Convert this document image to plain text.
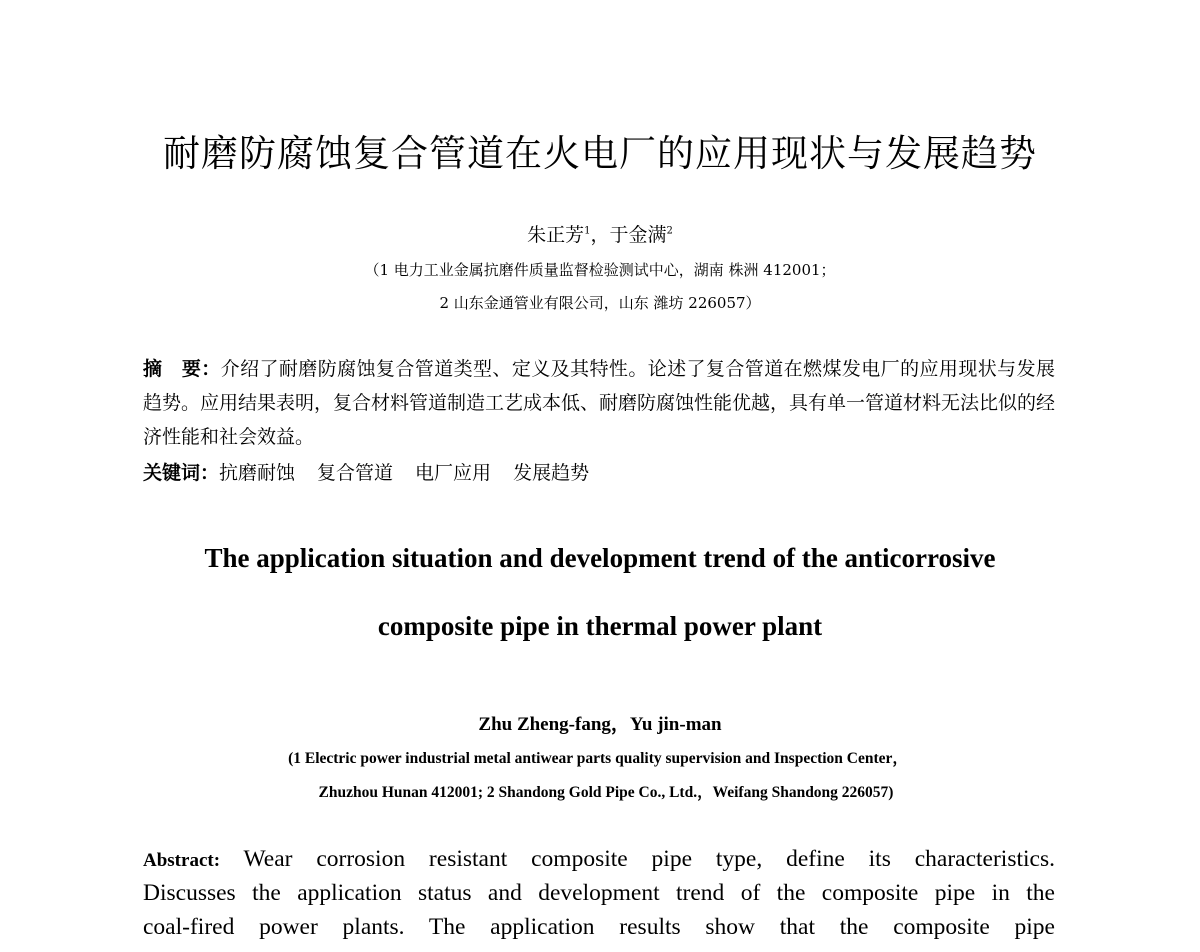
耐磨防腐蚀复合管道在火电厂的应用现状与发展趋势
朱正芳$^1$，于金满$^2$
（1 电力工业金属抗磨件质量监督检验测试中心，湖南 株洲 412001；
2 山东金通管业有限公司，山东 潍坊 226057）
摘　要：介绍了耐磨防腐蚀复合管道类型、定义及其特性。论述了复合管道在燃煤发电厂的应用现状与发展趋势。应用结果表明，复合材料管道制造工艺成本低、耐磨防腐蚀性能优越，具有单一管道材料无法比似的经济性能和社会效益。
关键词：抗磨耐蚀 复合管道 电厂应用 发展趋势
The application situation and development trend of the anticorrosive
composite pipe in thermal power plant
Zhu Zheng-fang，Yu jin-man
(1 Electric power industrial metal antiwear parts quality supervision and Inspection Center，
Zhuzhou Hunan 412001; 2 Shandong Gold Pipe Co., Ltd.，Weifang Shandong 226057)
Abstract: Wear corrosion resistant composite pipe type, define its characteristics.
Discusses the application status and development trend of the composite pipe in the
coal-fired power plants. The application results show that the composite pipe
